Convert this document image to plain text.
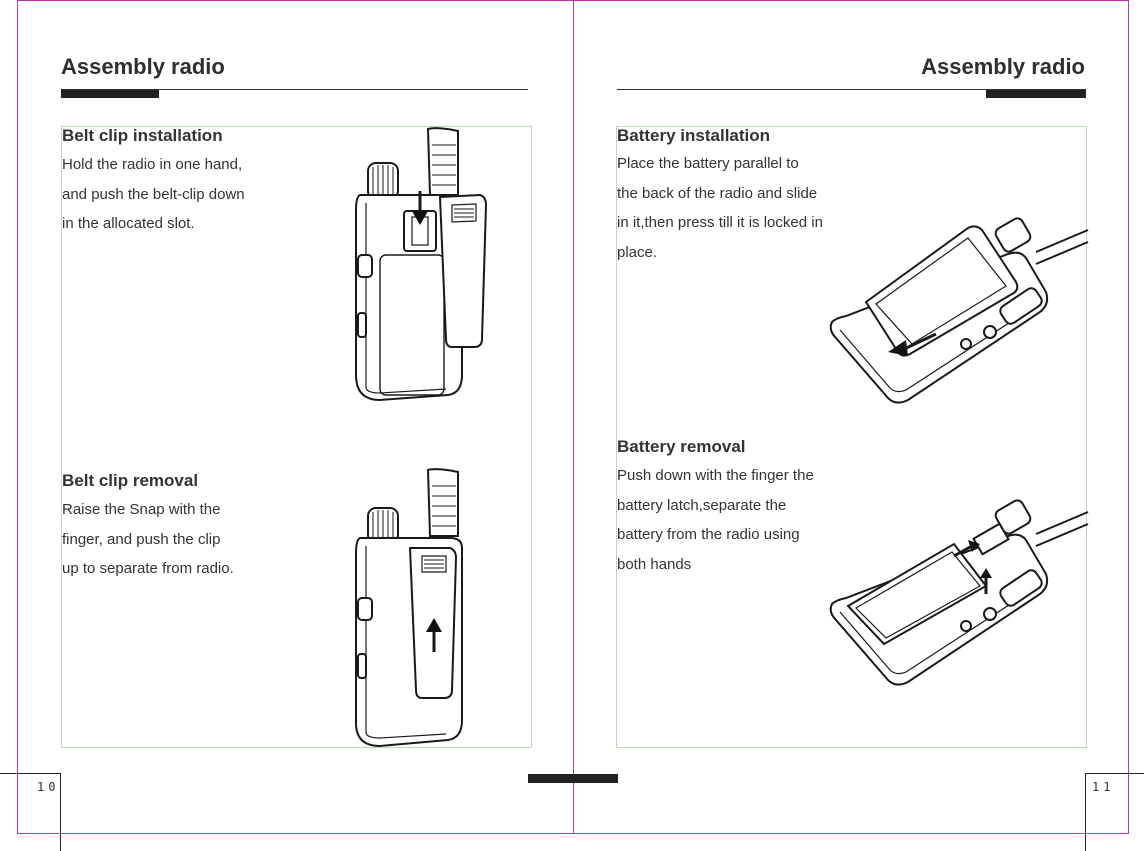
Assembly radio
Belt clip installation
Hold the radio in one hand,
and push the belt-clip down
in the allocated slot.
Belt clip removal
Raise the Snap with the
finger, and push the clip
up to separate from radio.
10
Assembly radio
Battery installation
Place the battery parallel to
the back of the radio and slide
in it,then press till it is locked in
place.
Battery removal
Push down with the finger the
battery latch,separate the
battery from the radio using
both hands
11
